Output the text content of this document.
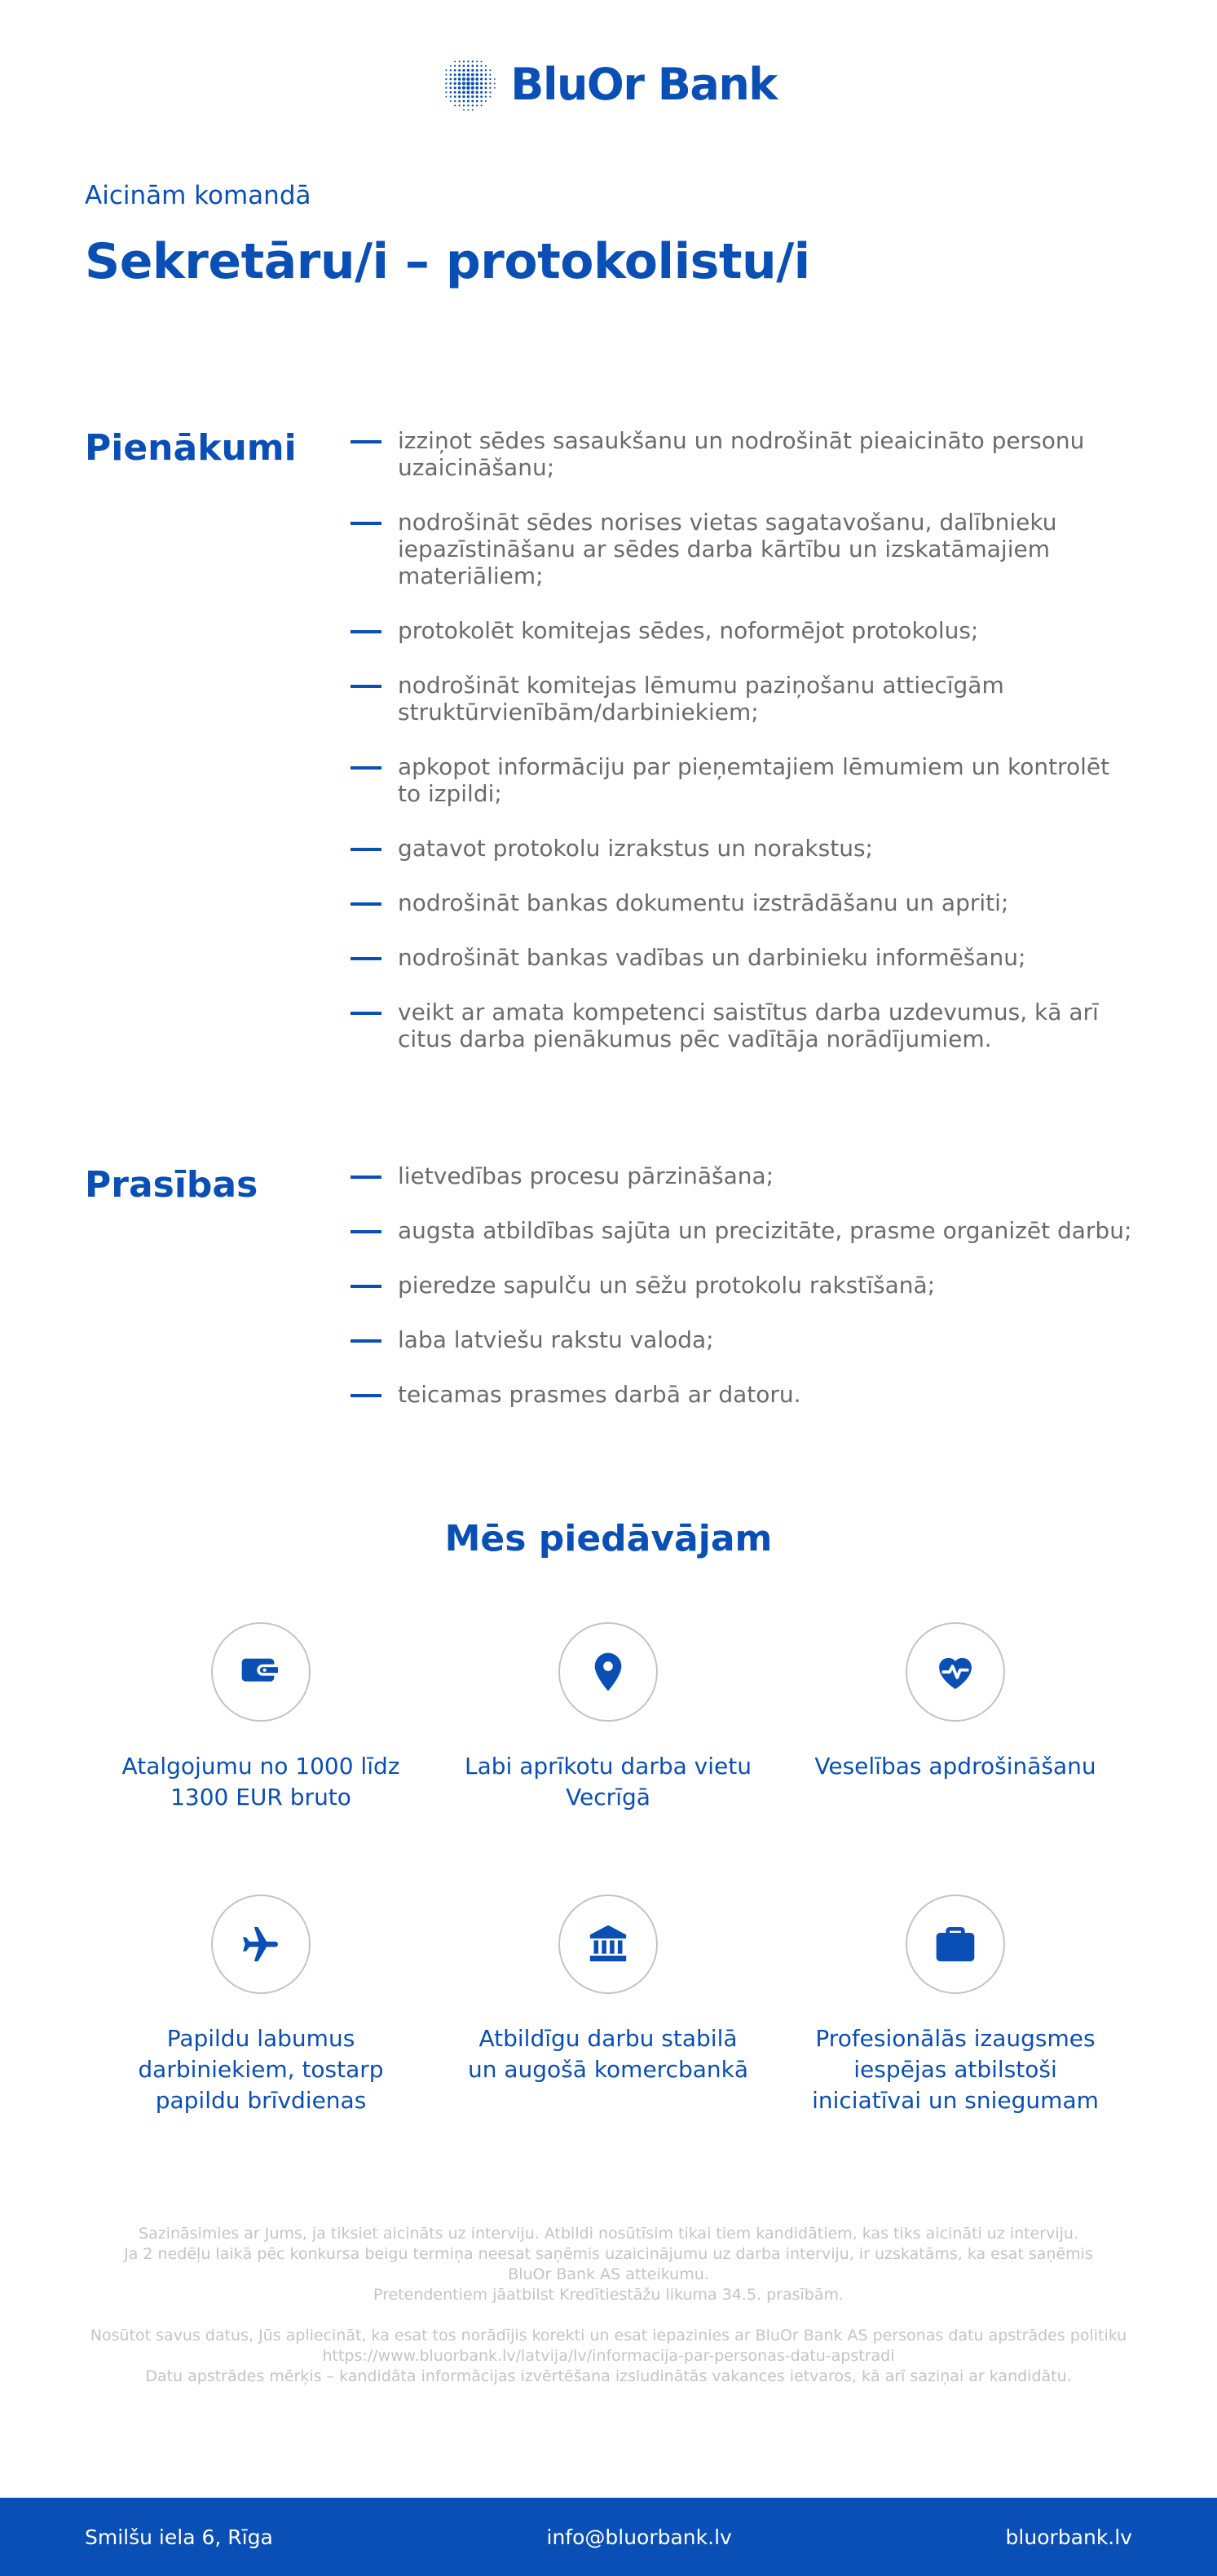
BluOr Bank
Aicinām komandā
Sekretāru/i – protokolistu/i
Pienākumi	izziņot sēdes sasaukšanu un nodrošināt pieaicināto personu uzaicināšanu;
nodrošināt sēdes norises vietas sagatavošanu, dalībnieku iepazīstināšanu ar sēdes darba kārtību un izskatāmajiem materiāliem;
protokolēt komitejas sēdes, noformējot protokolus;
nodrošināt komitejas lēmumu paziņošanu attiecīgām struktūrvienībām/darbiniekiem;
apkopot informāciju par pieņemtajiem lēmumiem un kontrolēt to izpildi;
gatavot protokolu izrakstus un norakstus;
nodrošināt bankas dokumentu izstrādāšanu un apriti;
nodrošināt bankas vadības un darbinieku informēšanu;
veikt ar amata kompetenci saistītus darba uzdevumus, kā arī citus darba pienākumus pēc vadītāja norādījumiem.
Prasības	lietvedības procesu pārzināšana;
augsta atbildības sajūta un precizitāte, prasme organizēt darbu;
pieredze sapulču un sēžu protokolu rakstīšanā;
laba latviešu rakstu valoda;
teicamas prasmes darbā ar datoru.
Mēs piedāvājam
Atalgojumu no 1000 līdz 1300 EUR bruto
Labi aprīkotu darba vietu Vecrīgā
Veselības apdrošināšanu
Papildu labumus darbiniekiem, tostarp papildu brīvdienas
Atbildīgu darbu stabilā un augošā komercbankā
Profesionālās izaugsmes iespējas atbilstoši iniciatīvai un sniegumam

Sazināsimies ar Jums, ja tiksiet aicināts uz interviju. Atbildi nosūtīsim tikai tiem kandidātiem, kas tiks aicināti uz interviju.

Ja 2 nedēļu laikā pēc konkursa beigu termiņa neesat saņēmis uzaicinājumu uz darba interviju, ir uzskatāms, ka esat saņēmis

BluOr Bank AS atteikumu.

Pretendentiem jāatbilst Kredītiestāžu likuma 34.5. prasībām.

Nosūtot savus datus, Jūs apliecināt, ka esat tos norādījis korekti un esat iepazinies ar BluOr Bank AS personas datu apstrādes politiku

https://www.bluorbank.lv/latvija/lv/informacija-par-personas-datu-apstradi

Datu apstrādes mērķis – kandidāta informācijas izvērtēšana izsludinātās vakances ietvaros, kā arī saziņai ar kandidātu.

Smilšu iela 6, Rīga	info@bluorbank.lv	bluorbank.lv
